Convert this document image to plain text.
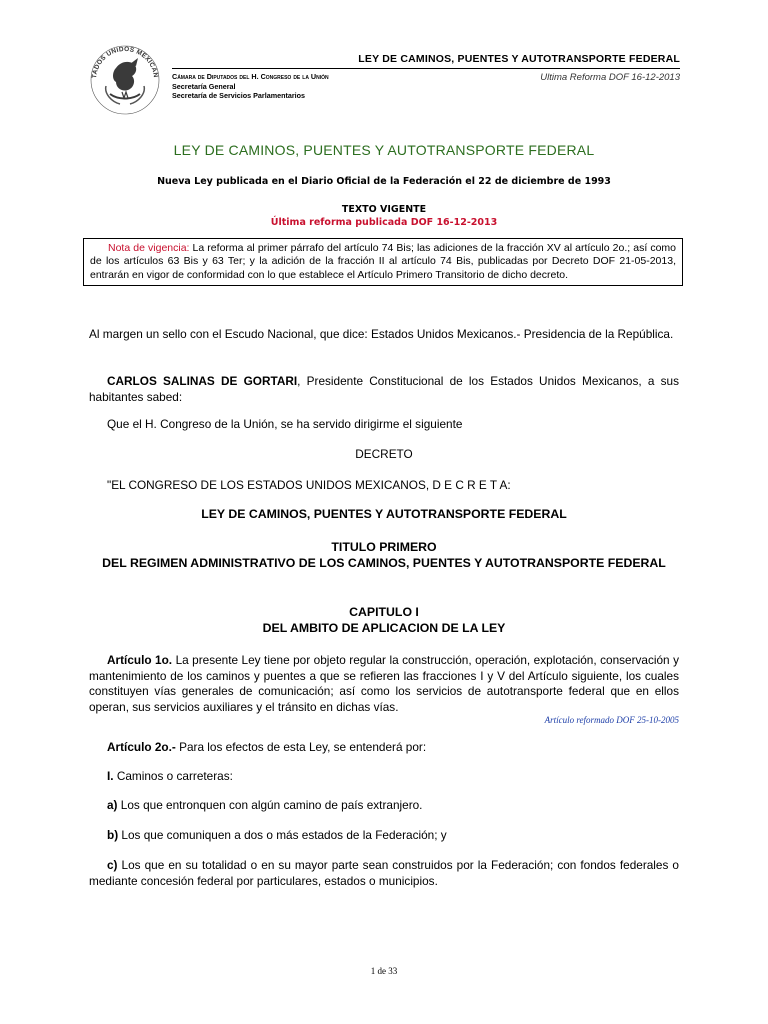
TADOS UNIDOS MEXICAN
LEY DE CAMINOS, PUENTES Y AUTOTRANSPORTE FEDERAL
Cámara de Diputados del H. Congreso de la Unión
Secretaría General
Secretaría de Servicios Parlamentarios
Ultima Reforma DOF 16-12-2013
LEY DE CAMINOS, PUENTES Y AUTOTRANSPORTE FEDERAL
Nueva Ley publicada en el Diario Oficial de la Federación el 22 de diciembre de 1993
TEXTO VIGENTE
Última reforma publicada DOF 16-12-2013
Nota de vigencia: La reforma al primer párrafo del artículo 74 Bis; las adiciones de la fracción XV al artículo 2o.; así como de los artículos 63 Bis y 63 Ter; y la adición de la fracción II al artículo 74 Bis, publicadas por Decreto DOF 21-05-2013, entrarán en vigor de conformidad con lo que establece el Artículo Primero Transitorio de dicho decreto.

Al margen un sello con el Escudo Nacional, que dice: Estados Unidos Mexicanos.- Presidencia de la República.

CARLOS SALINAS DE GORTARI, Presidente Constitucional de los Estados Unidos Mexicanos, a sus habitantes sabed:

Que el H. Congreso de la Unión, se ha servido dirigirme el siguiente

DECRETO

"EL CONGRESO DE LOS ESTADOS UNIDOS MEXICANOS, D E C R E T A:

LEY DE CAMINOS, PUENTES Y AUTOTRANSPORTE FEDERAL
TITULO PRIMERO
DEL REGIMEN ADMINISTRATIVO DE LOS CAMINOS, PUENTES Y AUTOTRANSPORTE FEDERAL
CAPITULO I
DEL AMBITO DE APLICACION DE LA LEY

Artículo 1o. La presente Ley tiene por objeto regular la construcción, operación, explotación, conservación y mantenimiento de los caminos y puentes a que se refieren las fracciones I y V del Artículo siguiente, los cuales constituyen vías generales de comunicación; así como los servicios de autotransporte federal que en ellos operan, sus servicios auxiliares y el tránsito en dichas vías.

Artículo reformado DOF 25-10-2005

Artículo 2o.- Para los efectos de esta Ley, se entenderá por:

I. Caminos o carreteras:

a) Los que entronquen con algún camino de país extranjero.

b) Los que comuniquen a dos o más estados de la Federación; y

c) Los que en su totalidad o en su mayor parte sean construidos por la Federación; con fondos federales o mediante concesión federal por particulares, estados o municipios.

1 de 33
